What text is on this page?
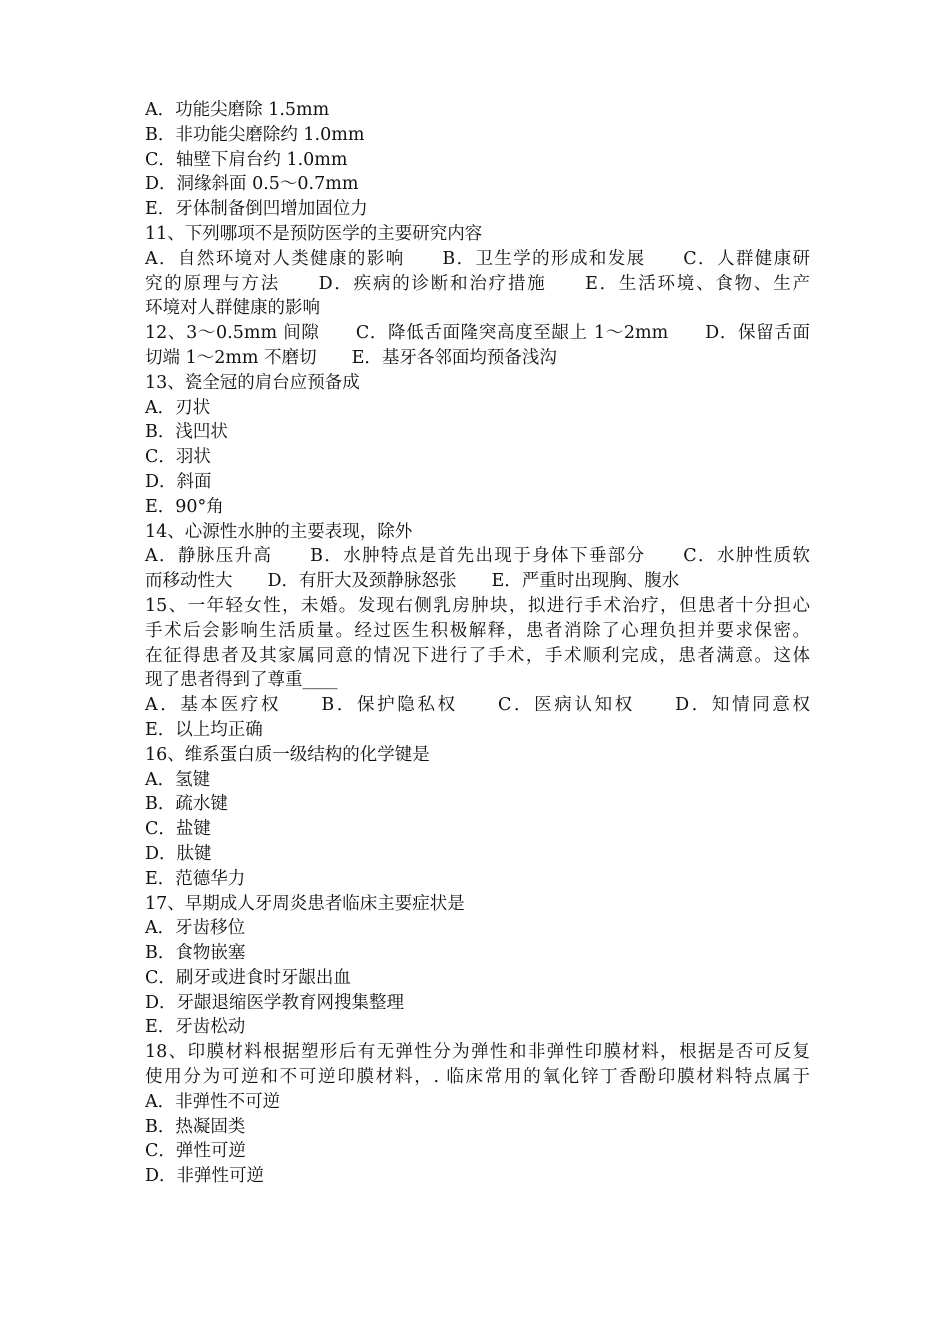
A．功能尖磨除 1.5mm
B．非功能尖磨除约 1.0mm
C．轴壁下肩台约 1.0mm
D．洞缘斜面 0.5～0.7mm
E．牙体制备倒凹增加固位力
11、下列哪项不是预防医学的主要研究内容
A．自然环境对人类健康的影响　　B．卫生学的形成和发展　　C．人群健康研
究的原理与方法　　D．疾病的诊断和治疗措施　　E．生活环境、食物、生产
环境对人群健康的影响
12、3～0.5mm 间隙　　C．降低舌面隆突高度至龈上 1～2mm　　D．保留舌面
切端 1～2mm 不磨切　　E．基牙各邻面均预备浅沟
13、瓷全冠的肩台应预备成
A．刃状
B．浅凹状
C．羽状
D．斜面
E．90°角
14、心源性水肿的主要表现，除外
A．静脉压升高　　B．水肿特点是首先出现于身体下垂部分　　C．水肿性质软
而移动性大　　D．有肝大及颈静脉怒张　　E．严重时出现胸、腹水
15、一年轻女性，未婚。发现右侧乳房肿块，拟进行手术治疗，但患者十分担心
手术后会影响生活质量。经过医生积极解释，患者消除了心理负担并要求保密。
在征得患者及其家属同意的情况下进行了手术，手术顺利完成，患者满意。这体
现了患者得到了尊重____
A．基本医疗权　　B．保护隐私权　　C．医病认知权　　D．知情同意权
E．以上均正确
16、维系蛋白质一级结构的化学键是
A．氢键
B．疏水键
C．盐键
D．肽键
E．范德华力
17、早期成人牙周炎患者临床主要症状是
A．牙齿移位
B．食物嵌塞
C．刷牙或进食时牙龈出血
D．牙龈退缩医学教育网搜集整理
E．牙齿松动
18、印膜材料根据塑形后有无弹性分为弹性和非弹性印膜材料，根据是否可反复
使用分为可逆和不可逆印膜材料，. 临床常用的氧化锌丁香酚印膜材料特点属于
A．非弹性不可逆
B．热凝固类
C．弹性可逆
D．非弹性可逆
